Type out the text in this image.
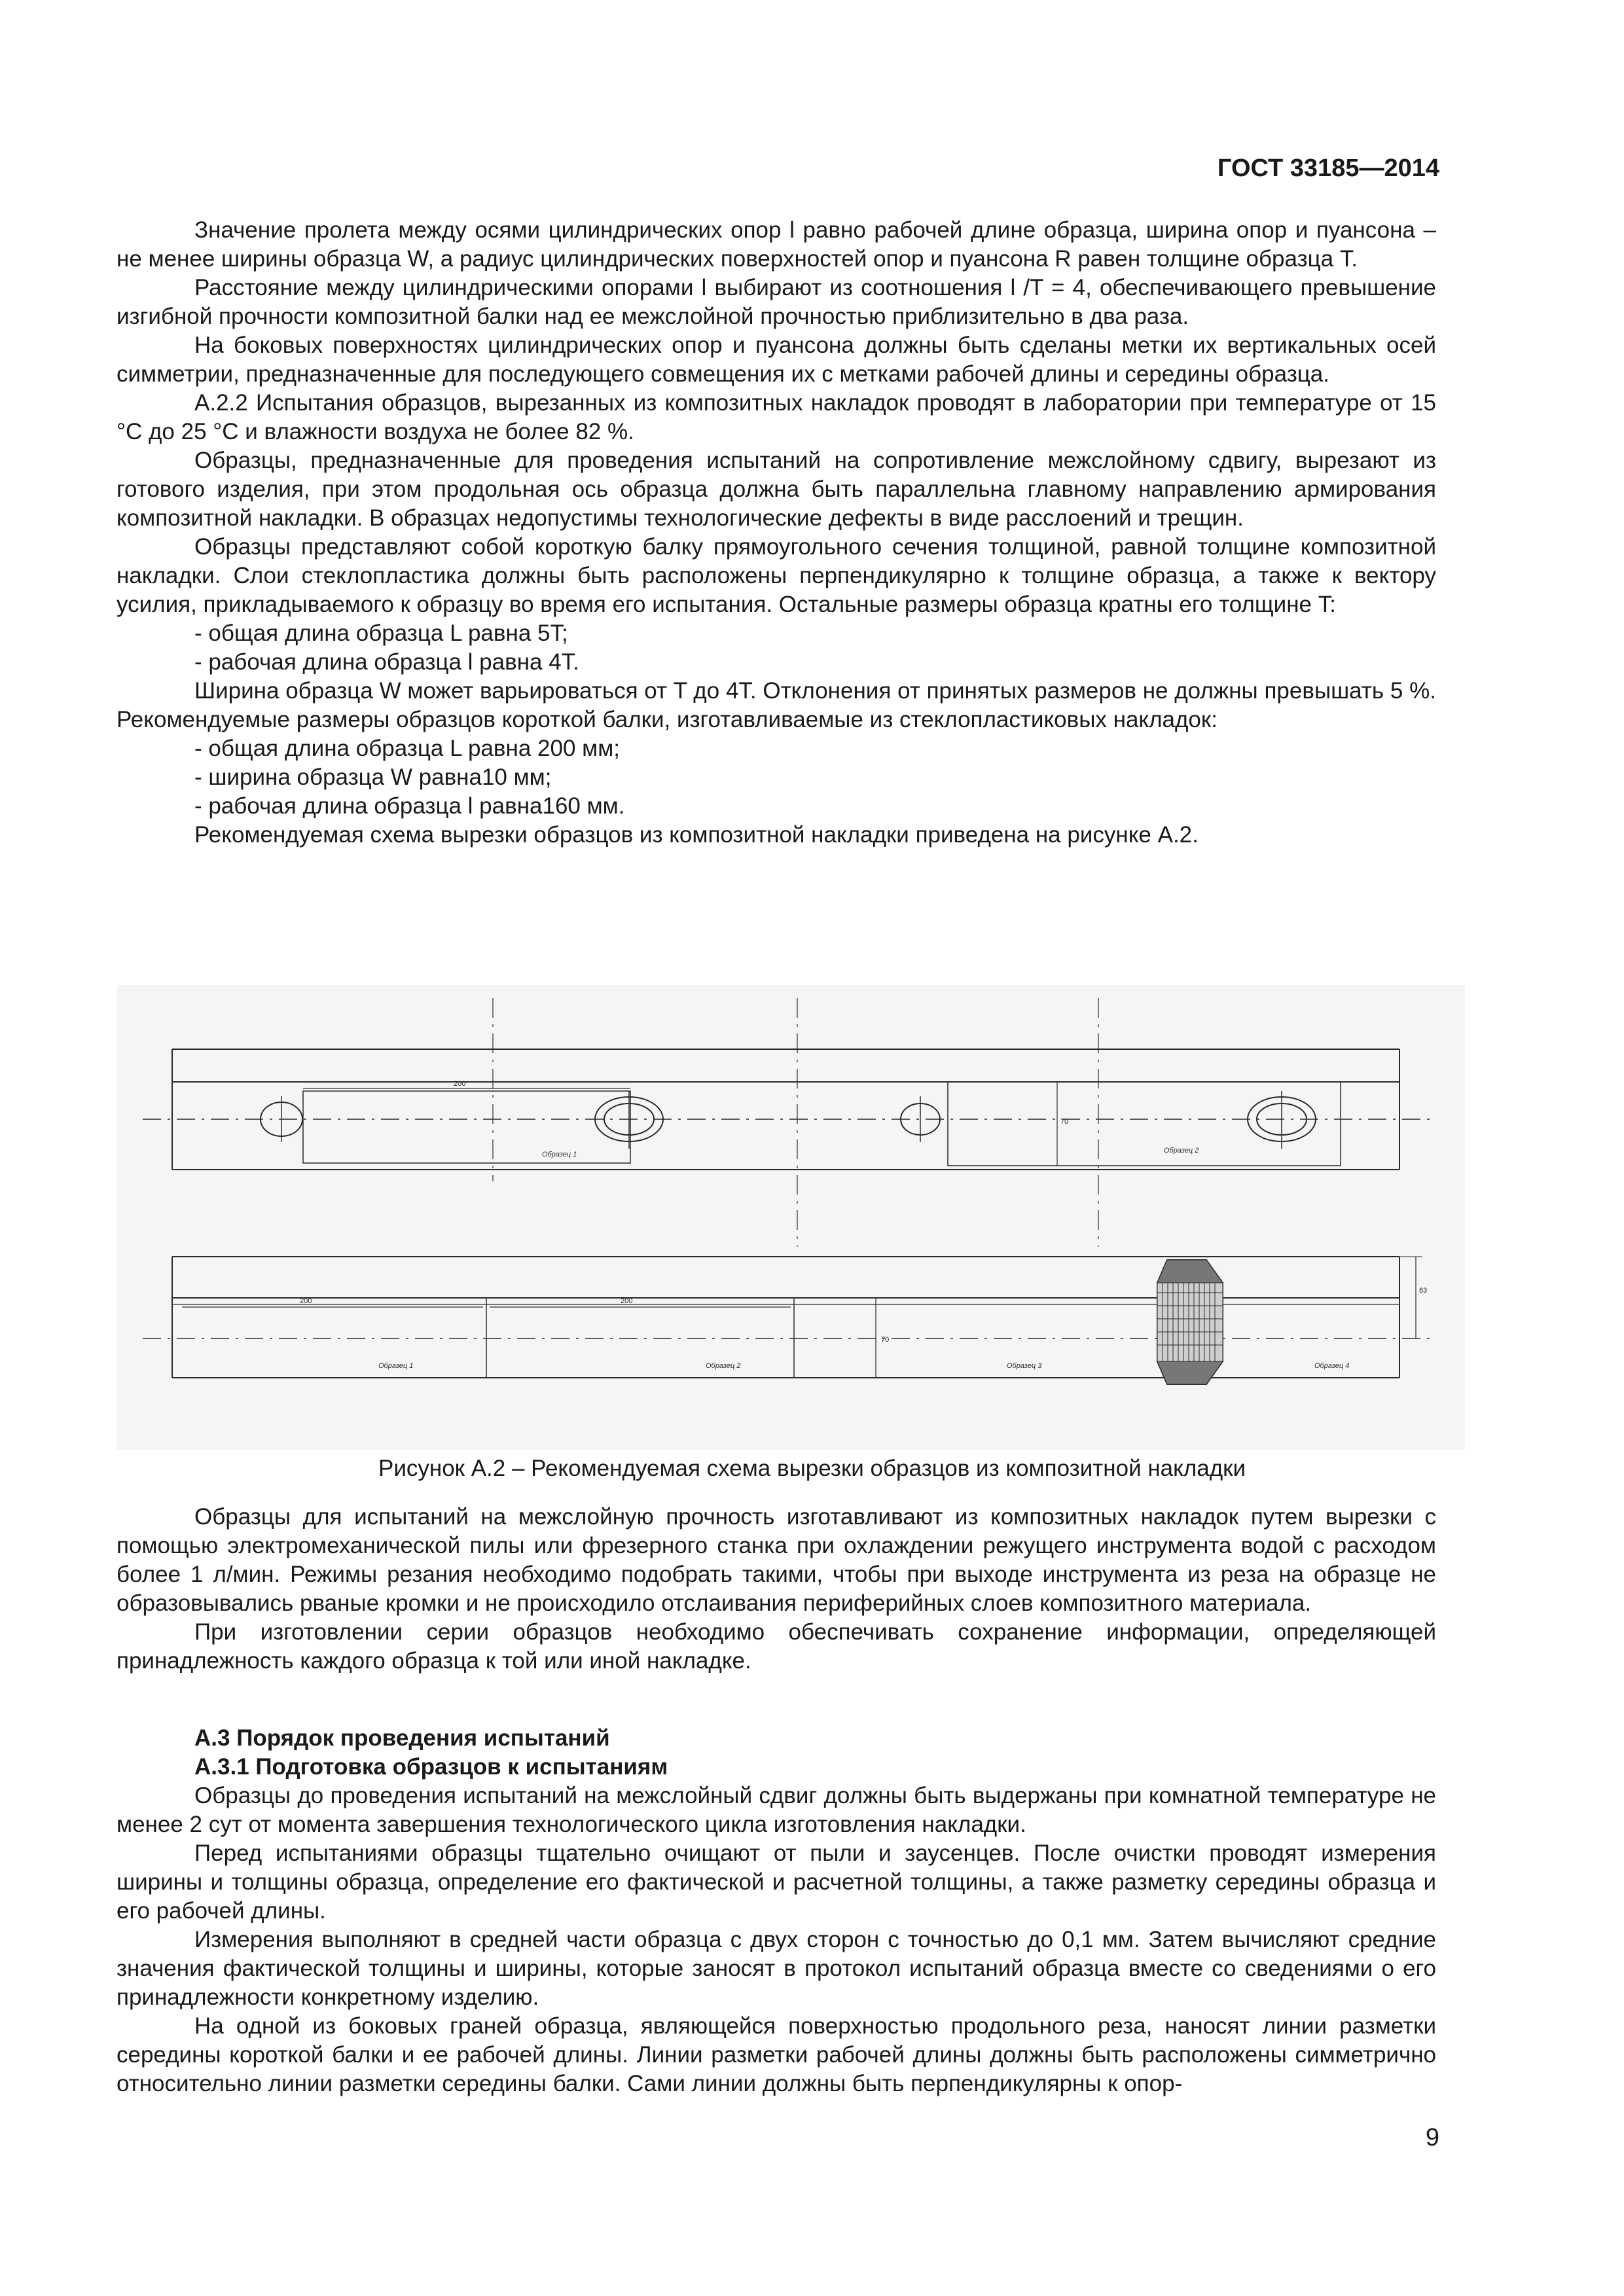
ГОСТ 33185—2014

Значение пролета между осями цилиндрических опор l равно рабочей длине образца, ширина опор и пуансона – не менее ширины образца W, а радиус цилиндрических поверхностей опор и пуансона R равен толщине образца T.

Расстояние между цилиндрическими опорами l выбирают из соотношения l /T = 4, обеспечивающего превышение изгибной прочности композитной балки над ее межслойной прочностью приблизительно в два раза.

На боковых поверхностях цилиндрических опор и пуансона должны быть сделаны метки их вертикальных осей симметрии, предназначенные для последующего совмещения их с метками рабочей длины и середины образца.

А.2.2 Испытания образцов, вырезанных из композитных накладок проводят в лаборатории при температуре от 15 °С до 25 °С и влажности воздуха не более 82 %.

Образцы, предназначенные для проведения испытаний на сопротивление межслойному сдвигу, вырезают из готового изделия, при этом продольная ось образца должна быть параллельна главному направлению армирования композитной накладки. В образцах недопустимы технологические дефекты в виде расслоений и трещин.

Образцы представляют собой короткую балку прямоугольного сечения толщиной, равной толщине композитной накладки. Слои стеклопластика должны быть расположены перпендикулярно к толщине образца, а также к вектору усилия, прикладываемого к образцу во время его испытания. Остальные размеры образца кратны его толщине T:

- общая длина образца L равна 5T;

- рабочая длина образца l равна 4T.

Ширина образца W может варьироваться от T до 4T. Отклонения от принятых размеров не должны превышать 5 %. Рекомендуемые размеры образцов короткой балки, изготавливаемые из стеклопластиковых накладок:

- общая длина образца L равна 200 мм;

- ширина образца W равна10 мм;

- рабочая длина образца l равна160 мм.

Рекомендуемая схема вырезки образцов из композитной накладки приведена на рисунке А.2.

200
70
Образец 1	Образец 2
200	200
70
63
Образец 1	Образец 2	Образец 3	Образец 4
Рисунок А.2 – Рекомендуемая схема вырезки образцов из композитной накладки

Образцы для испытаний на межслойную прочность изготавливают из композитных накладок путем вырезки с помощью электромеханической пилы или фрезерного станка при охлаждении режущего инструмента водой с расходом более 1 л/мин. Режимы резания необходимо подобрать такими, чтобы при выходе инструмента из реза на образце не образовывались рваные кромки и не происходило отслаивания периферийных слоев композитного материала.

При изготовлении серии образцов необходимо обеспечивать сохранение информации, определяющей принадлежность каждого образца к той или иной накладке.

А.3 Порядок проведения испытаний

А.3.1 Подготовка образцов к испытаниям

Образцы до проведения испытаний на межслойный сдвиг должны быть выдержаны при комнатной температуре не менее 2 сут от момента завершения технологического цикла изготовления накладки.

Перед испытаниями образцы тщательно очищают от пыли и заусенцев. После очистки проводят измерения ширины и толщины образца, определение его фактической и расчетной толщины, а также разметку середины образца и его рабочей длины.

Измерения выполняют в средней части образца с двух сторон с точностью до 0,1 мм. Затем вычисляют средние значения фактической толщины и ширины, которые заносят в протокол испытаний образца вместе со сведениями о его принадлежности конкретному изделию.

На одной из боковых граней образца, являющейся поверхностью продольного реза, наносят линии разметки середины короткой балки и ее рабочей длины. Линии разметки рабочей длины должны быть расположены симметрично относительно линии разметки середины балки. Сами линии должны быть перпендикулярны к опор-

9
